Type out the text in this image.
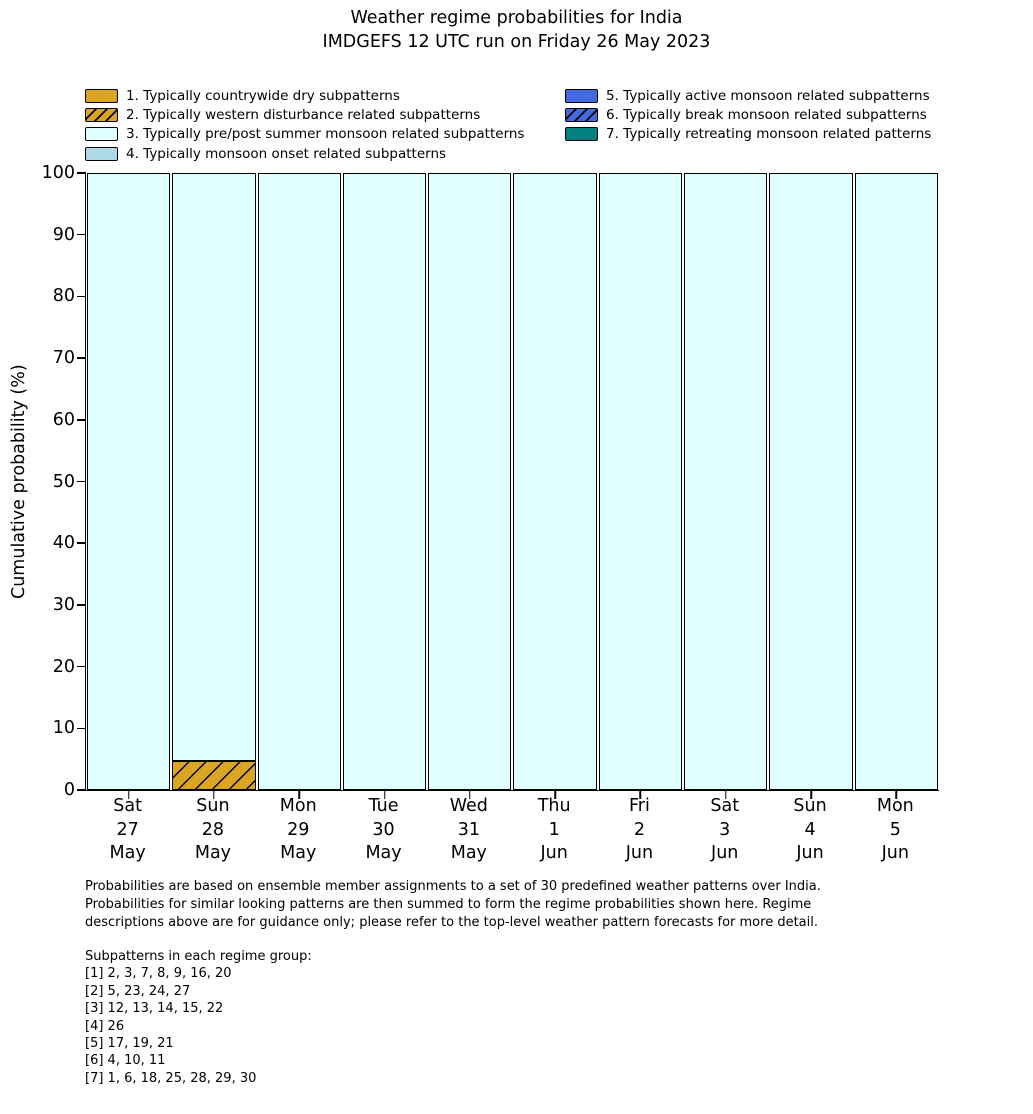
Weather regime probabilities for India
IMDGEFS 12 UTC run on Friday 26 May 2023
1. Typically countrywide dry subpatterns
2. Typically western disturbance related subpatterns
3. Typically pre/post summer monsoon related subpatterns
4. Typically monsoon onset related subpatterns
5. Typically active monsoon related subpatterns
6. Typically break monsoon related subpatterns
7. Typically retreating monsoon related patterns
Cumulative probability (%)
0
10
20
30
40
50
60
70
80
90
100
Sat
27
May
Sun
28
May
Mon
29
May
Tue
30
May
Wed
31
May
Thu
1
Jun
Fri
2
Jun
Sat
3
Jun
Sun
4
Jun
Mon
5
Jun
Probabilities are based on ensemble member assignments to a set of 30 predefined weather patterns over India.
Probabilities for similar looking patterns are then summed to form the regime probabilities shown here. Regime
descriptions above are for guidance only; please refer to the top-level weather pattern forecasts for more detail.
Subpatterns in each regime group:
[1] 2, 3, 7, 8, 9, 16, 20
[2] 5, 23, 24, 27
[3] 12, 13, 14, 15, 22
[4] 26
[5] 17, 19, 21
[6] 4, 10, 11
[7] 1, 6, 18, 25, 28, 29, 30
